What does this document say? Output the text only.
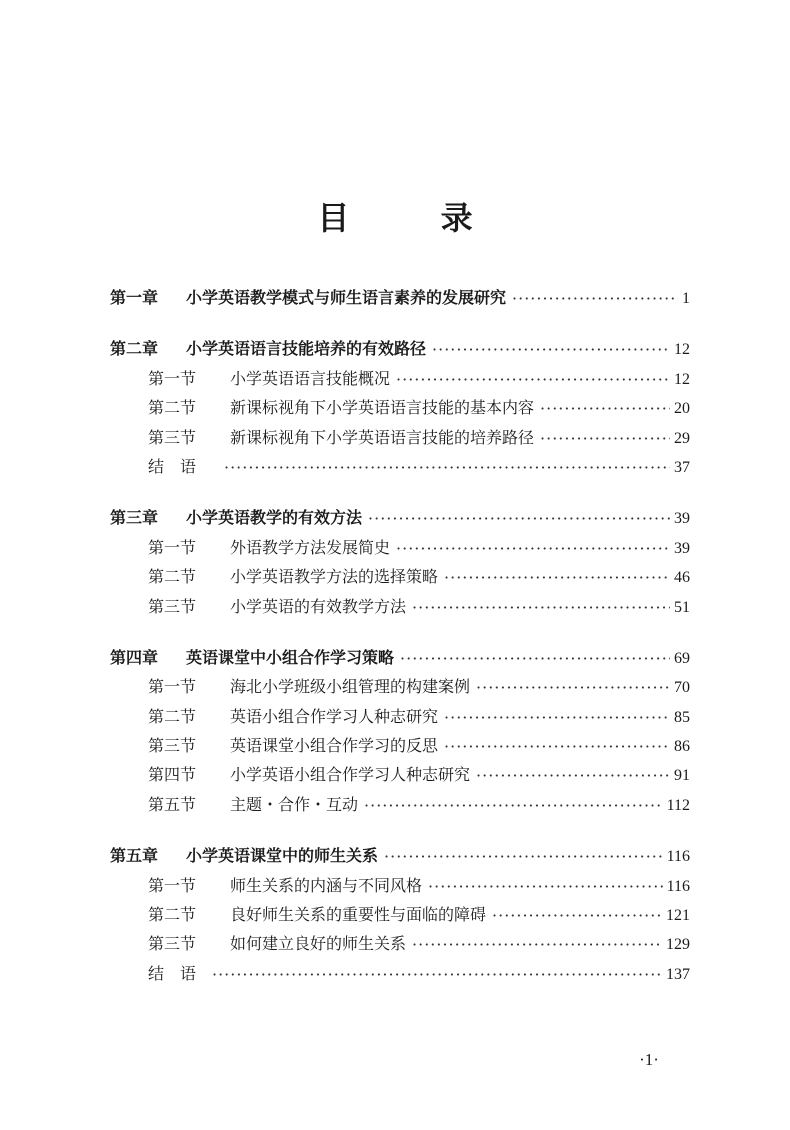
目 录
第一章	小学英语教学模式与师生语言素养的发展研究 ·····	1
第二章	小学英语语言技能培养的有效路径 ·····	12
第一节	小学英语语言技能概况 ·····	12
第二节	新课标视角下小学英语语言技能的基本内容 ·····	20
第三节	新课标视角下小学英语语言技能的培养路径 ·····	29
结　语 ·····	37
第三章	小学英语教学的有效方法 ·····	39
第一节	外语教学方法发展简史 ·····	39
第二节	小学英语教学方法的选择策略 ·····	46
第三节	小学英语的有效教学方法 ·····	51
第四章	英语课堂中小组合作学习策略 ·····	69
第一节	海北小学班级小组管理的构建案例 ·····	70
第二节	英语小组合作学习人种志研究 ·····	85
第三节	英语课堂小组合作学习的反思 ·····	86
第四节	小学英语小组合作学习人种志研究 ·····	91
第五节	主题・合作・互动 ·····	112
第五章	小学英语课堂中的师生关系 ·····	116
第一节	师生关系的内涵与不同风格 ·····	116
第二节	良好师生关系的重要性与面临的障碍 ·····	121
第三节	如何建立良好的师生关系 ·····	129
结　语 ·····	137
·1·
